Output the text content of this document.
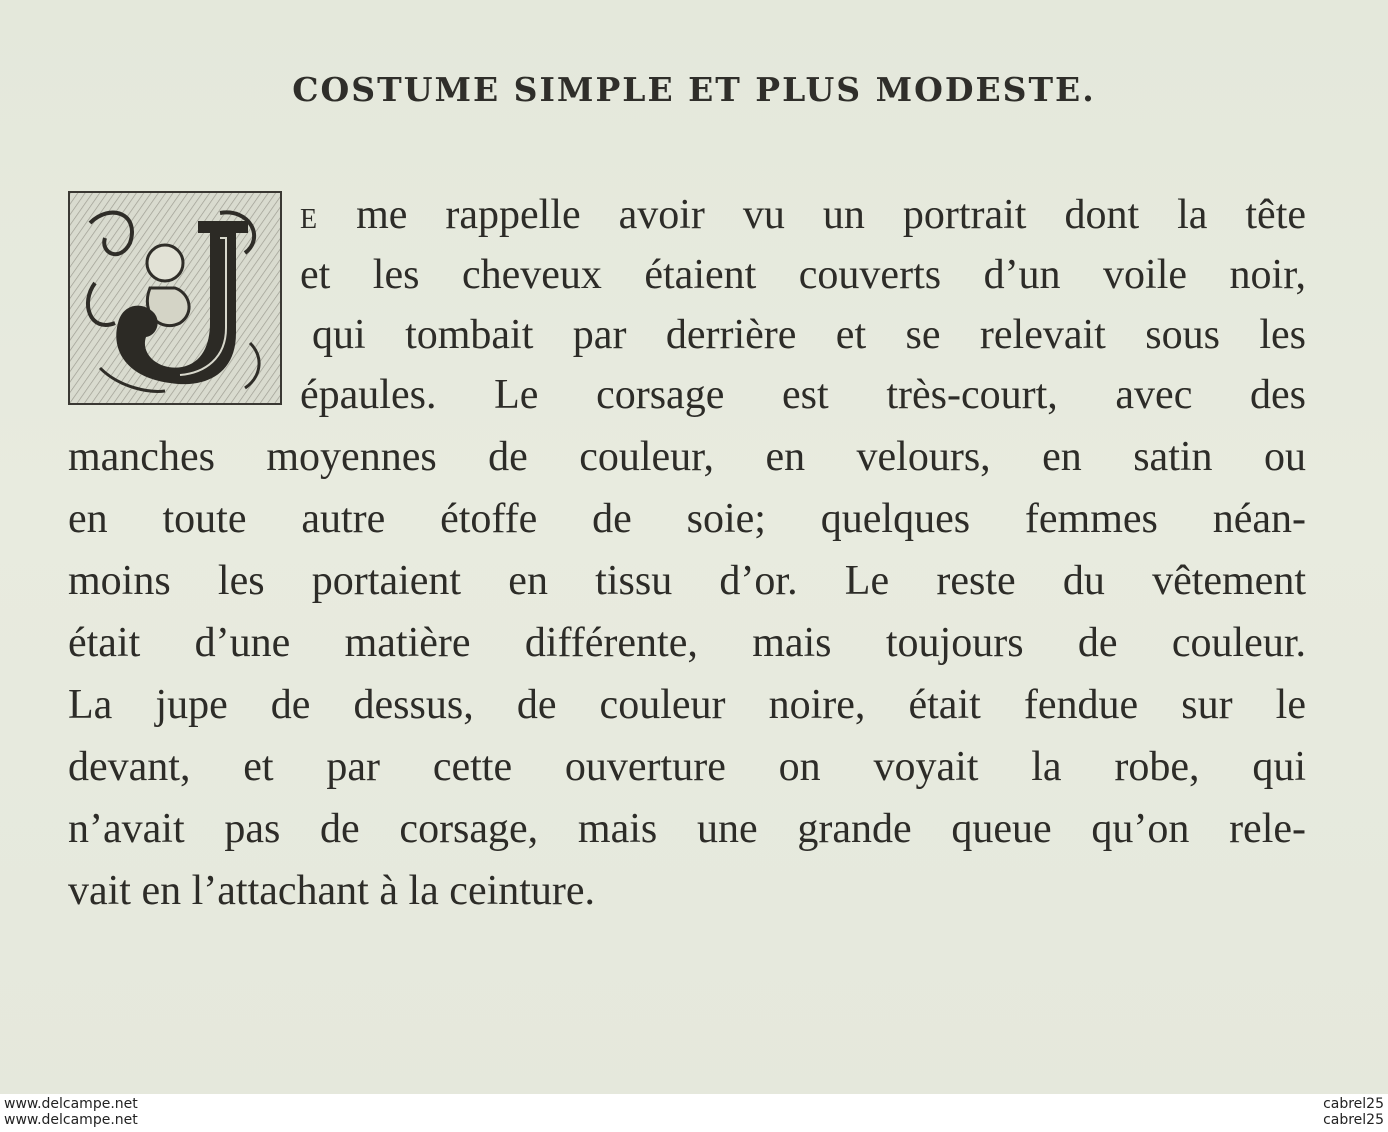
COSTUME SIMPLE ET PLUS MODESTE.
E me rappelle avoir vu un portrait dont la tête
et les cheveux étaient couverts d’un voile noir,
qui tombait par derrière et se relevait sous les
épaules. Le corsage est très-court, avec des
manches moyennes de couleur, en velours, en satin ou
en toute autre étoffe de soie; quelques femmes néan-
moins les portaient en tissu d’or. Le reste du vêtement
était d’une matière différente, mais toujours de couleur.
La jupe de dessus, de couleur noire, était fendue sur le
devant, et par cette ouverture on voyait la robe, qui
n’avait pas de corsage, mais une grande queue qu’on rele-
vait en l’attachant à la ceinture.
www.delcampe.net
www.delcampe.net
cabrel25
cabrel25
